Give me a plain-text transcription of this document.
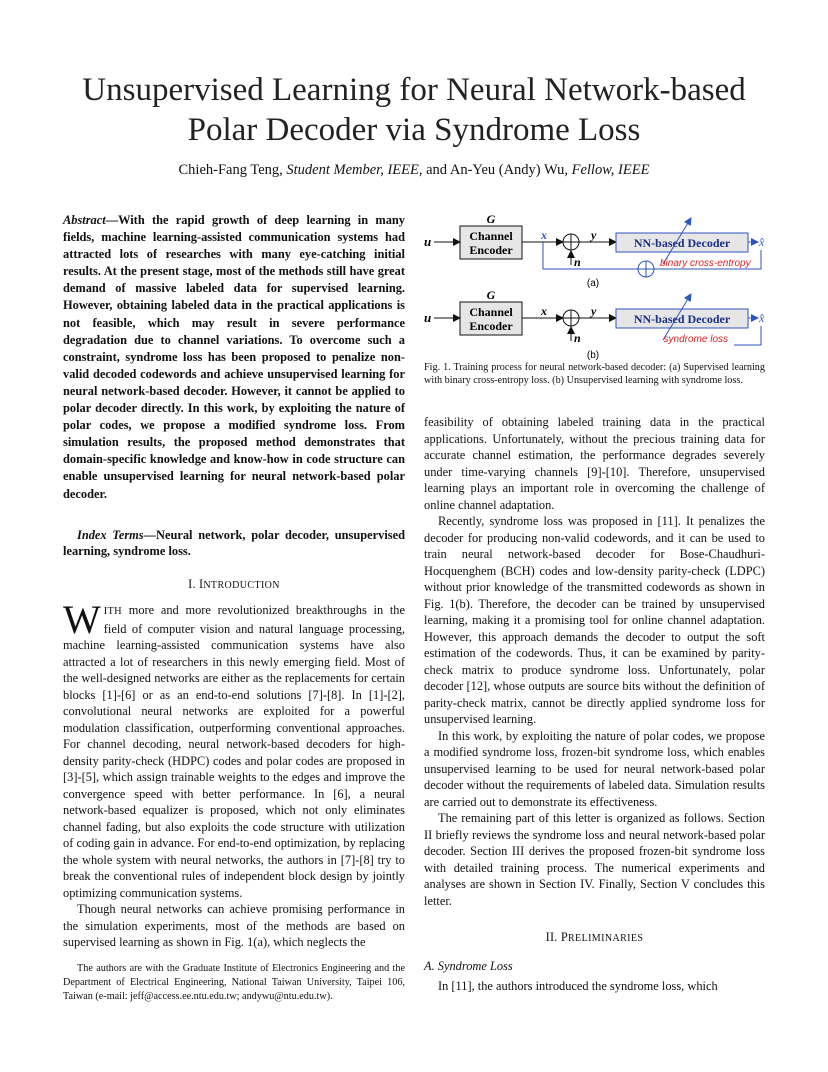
Unsupervised Learning for Neural Network-based
Polar Decoder via Syndrome Loss
Chieh-Fang Teng, Student Member, IEEE, and An-Yeu (Andy) Wu, Fellow, IEEE

Abstract—With the rapid growth of deep learning in many fields, machine learning-assisted communication systems had attracted lots of researches with many eye-catching initial results. At the present stage, most of the methods still have great demand of massive labeled data for supervised learning. However, obtaining labeled data in the practical applications is not feasible, which may result in severe performance degradation due to channel variations. To overcome such a constraint, syndrome loss has been proposed to penalize non-valid decoded codewords and achieve unsupervised learning for neural network-based decoder. However, it cannot be applied to polar decoder directly. In this work, by exploiting the nature of polar codes, we propose a modified syndrome loss. From simulation results, the proposed method demonstrates that domain-specific knowledge and know-how in code structure can enable unsupervised learning for neural network-based polar decoder.

Index Terms—Neural network, polar decoder, unsupervised learning, syndrome loss.

I. INTRODUCTION

WITH more and more revolutionized breakthroughs in the field of computer vision and natural language processing, machine learning-assisted communication systems have also attracted a lot of researchers in this newly emerging field. Most of the well-designed networks are either as the replacements for certain blocks [1]-[6] or as an end-to-end solutions [7]-[8]. In [1]-[2], convolutional neural networks are exploited for a powerful modulation classification, outperforming conventional approaches. For channel decoding, neural network-based decoders for high-density parity-check (HDPC) codes and polar codes are proposed in [3]-[5], which assign trainable weights to the edges and improve the convergence speed with better performance. In [6], a neural network-based equalizer is proposed, which not only eliminates channel fading, but also exploits the code structure with utilization of coding gain in advance. For end-to-end optimization, by replacing the whole system with neural networks, the authors in [7]-[8] try to break the conventional rules of independent block design by jointly optimizing communication systems.

Though neural networks can achieve promising performance in the simulation experiments, most of the methods are based on supervised learning as shown in Fig. 1(a), which neglects the

The authors are with the Graduate Institute of Electronics Engineering and the Department of Electrical Engineering, National Taiwan University, Taipei 106, Taiwan (e-mail: jeff@access.ee.ntu.edu.tw; andywu@ntu.edu.tw).
G
Channel
Encoder
u	x
n
y
NN-based Decoder x̂
binary cross-entropy
(a)
G
Channel
Encoder
u	x
n
y
NN-based Decoder x̂
syndrome loss
(b)
Fig. 1. Training process for neural network-based decoder: (a) Supervised learning with binary cross-entropy loss. (b) Unsupervised learning with syndrome loss.

feasibility of obtaining labeled training data in the practical applications. Unfortunately, without the precious training data for accurate channel estimation, the performance degrades severely under time-varying channels [9]-[10]. Therefore, unsupervised learning plays an important role in overcoming the challenge of online channel adaptation.

Recently, syndrome loss was proposed in [11]. It penalizes the decoder for producing non-valid codewords, and it can be used to train neural network-based decoder for Bose-Chaudhuri-Hocquenghem (BCH) codes and low-density parity-check (LDPC) without prior knowledge of the transmitted codewords as shown in Fig. 1(b). Therefore, the decoder can be trained by unsupervised learning, making it a promising tool for online channel adaptation. However, this approach demands the decoder to output the soft estimation of the codewords. Thus, it can be examined by parity-check matrix to produce syndrome loss. Unfortunately, polar decoder [12], whose outputs are source bits without the definition of parity-check matrix, cannot be directly applied syndrome loss for unsupervised learning.

In this work, by exploiting the nature of polar codes, we propose a modified syndrome loss, frozen-bit syndrome loss, which enables unsupervised learning to be used for neural network-based polar decoder without the requirements of labeled data. Simulation results are carried out to demonstrate its effectiveness.

The remaining part of this letter is organized as follows. Section II briefly reviews the syndrome loss and neural network-based polar decoder. Section III derives the proposed frozen-bit syndrome loss with detailed training process. The numerical experiments and analyses are shown in Section IV. Finally, Section V concludes this letter.

II. PRELIMINARIES

A. Syndrome Loss

In [11], the authors introduced the syndrome loss, which
